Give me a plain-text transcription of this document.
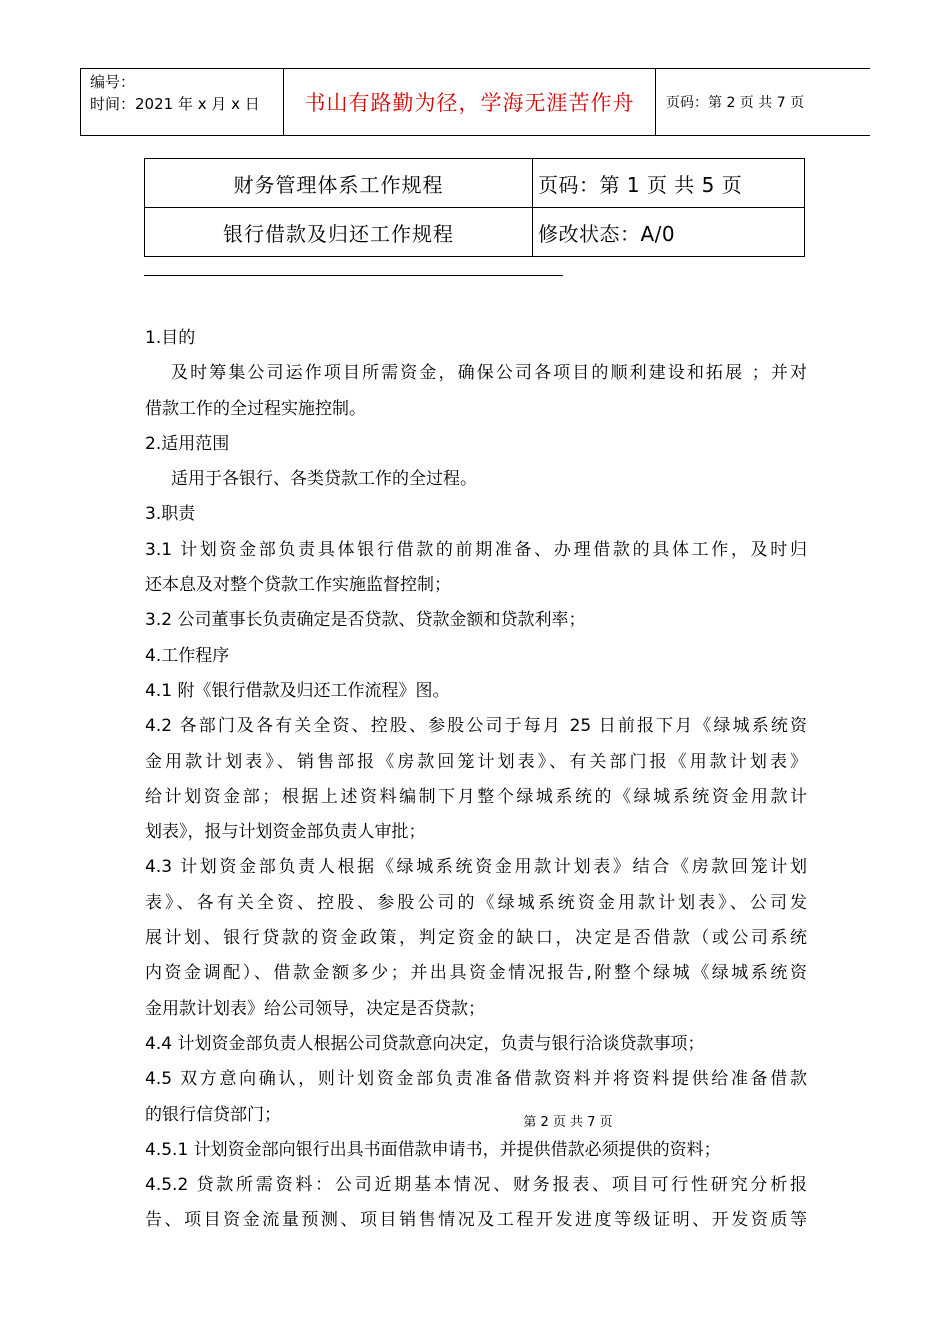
编号：
时间：2021 年 x 月 x 日	书山有路勤为径，学海无涯苦作舟	页码：第 2 页 共 7 页
财务管理体系工作规程	页码：第 1 页 共 5 页
银行借款及归还工作规程	修改状态：A/0

1.目的

及时筹集公司运作项目所需资金，确保公司各项目的顺利建设和拓展 ；并对

借款工作的全过程实施控制。

2.适用范围

适用于各银行、各类贷款工作的全过程。

3.职责

3.1 计划资金部负责具体银行借款的前期准备、办理借款的具体工作，及时归

还本息及对整个贷款工作实施监督控制；

3.2 公司董事长负责确定是否贷款、贷款金额和贷款利率；

4.工作程序

4.1 附《银行借款及归还工作流程》图。

4.2 各部门及各有关全资、控股、参股公司于每月 25 日前报下月《绿城系统资

金用款计划表》、销售部报《房款回笼计划表》、有关部门报《用款计划表》

给计划资金部；根据上述资料编制下月整个绿城系统的《绿城系统资金用款计

划表》，报与计划资金部负责人审批；

4.3 计划资金部负责人根据《绿城系统资金用款计划表》结合《房款回笼计划

表》、各有关全资、控股、参股公司的《绿城系统资金用款计划表》、公司发

展计划、银行贷款的资金政策，判定资金的缺口，决定是否借款（或公司系统

内资金调配）、借款金额多少；并出具资金情况报告,附整个绿城《绿城系统资

金用款计划表》给公司领导，决定是否贷款；

4.4 计划资金部负责人根据公司贷款意向决定，负责与银行洽谈贷款事项；

4.5 双方意向确认，则计划资金部负责准备借款资料并将资料提供给准备借款

的银行信贷部门；

4.5.1 计划资金部向银行出具书面借款申请书，并提供借款必须提供的资料；

4.5.2 贷款所需资料：公司近期基本情况、财务报表、项目可行性研究分析报

告、项目资金流量预测、项目销售情况及工程开发进度等级证明、开发资质等

第 2 页 共 7 页
